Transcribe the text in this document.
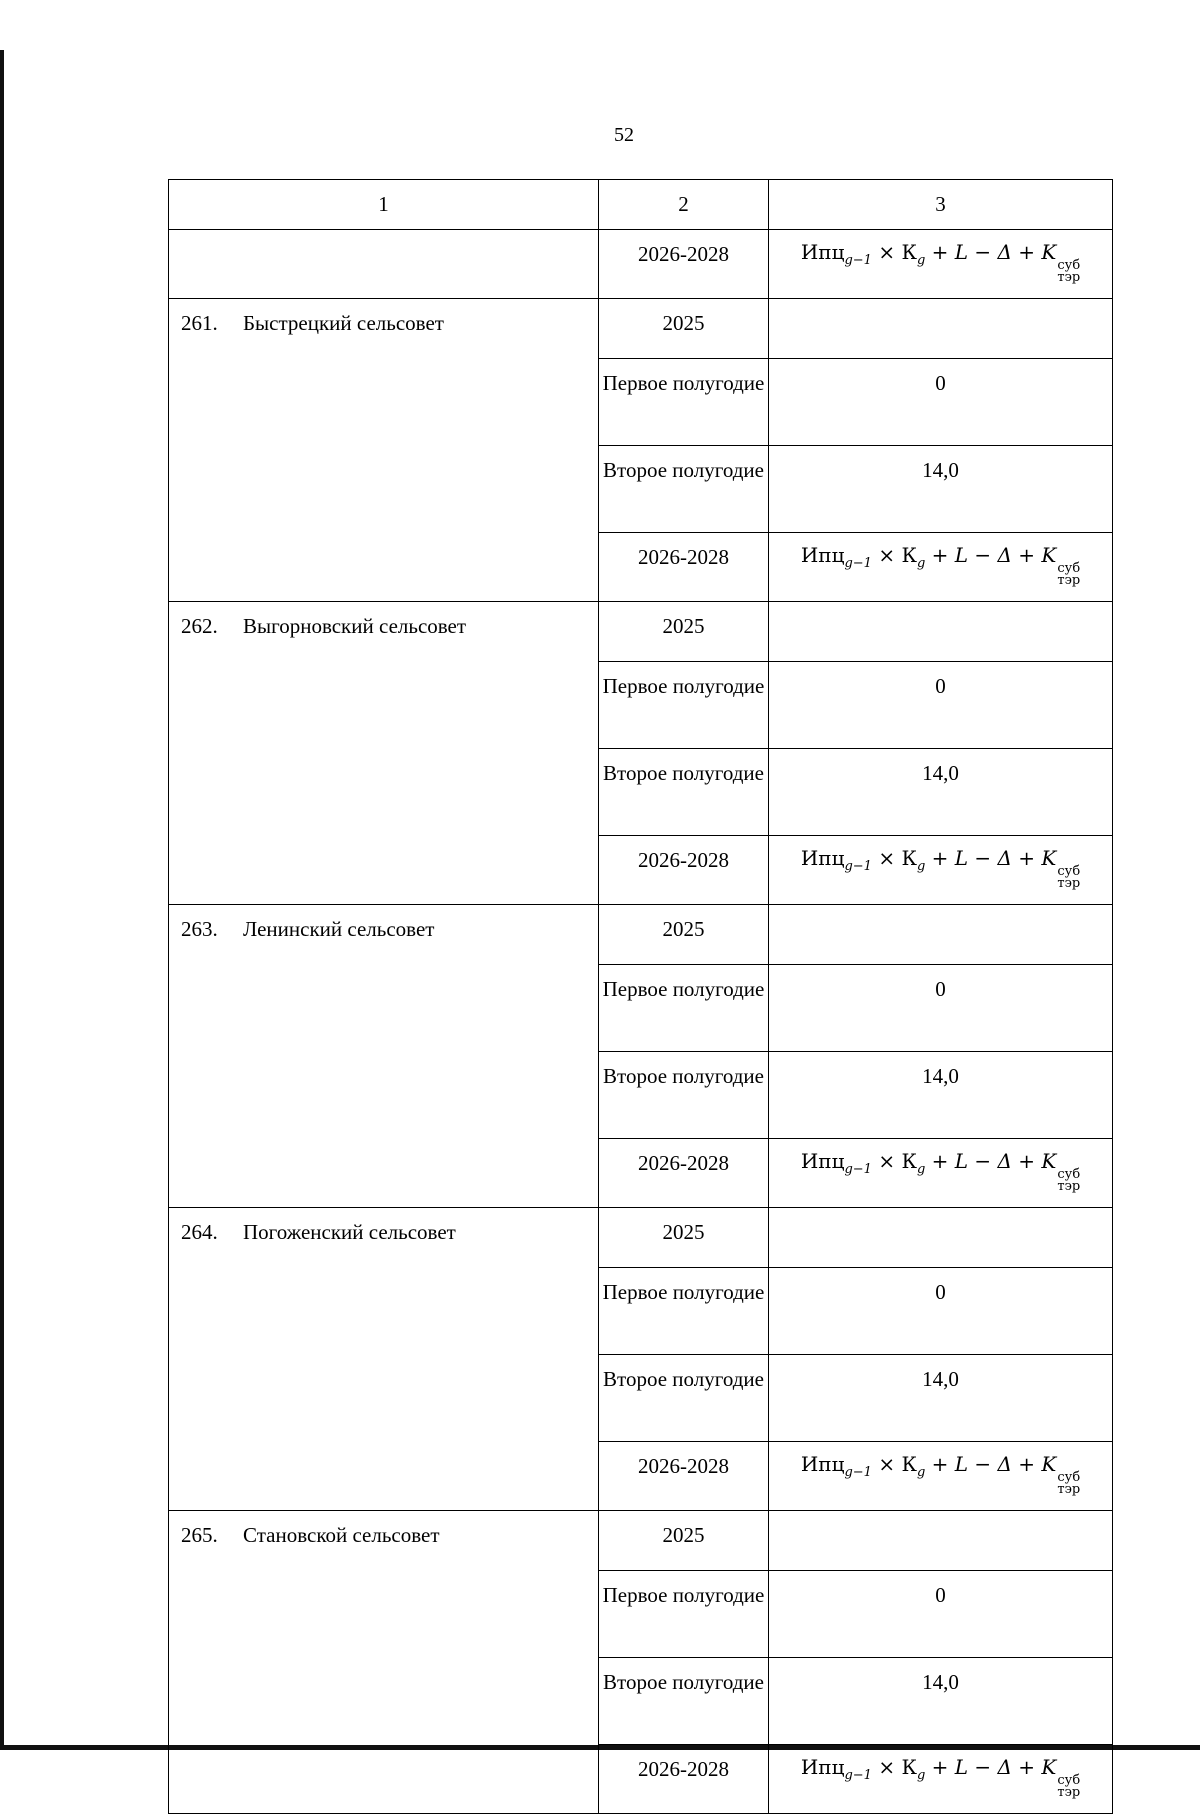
52
1	2	3
	2026-2028	$Ипц_{g-1} \times К_g + L - \Delta + K$
суб
тэр

261. Быстрецкий сельсовет	2025	
	Первое полугодие	0
	Второе полугодие	14,0
	2026-2028	$Ипц_{g-1} \times К_g + L - \Delta + K$
суб
тэр

262. Выгорновский сельсовет	2025	
	Первое полугодие	0
	Второе полугодие	14,0
	2026-2028	$Ипц_{g-1} \times К_g + L - \Delta + K$
суб
тэр

263. Ленинский сельсовет	2025	
	Первое полугодие	0
	Второе полугодие	14,0
	2026-2028	$Ипц_{g-1} \times К_g + L - \Delta + K$
суб
тэр

264. Погоженский сельсовет	2025	
	Первое полугодие	0
	Второе полугодие	14,0
	2026-2028	$Ипц_{g-1} \times К_g + L - \Delta + K$
суб
тэр

265. Становской сельсовет	2025	
	Первое полугодие	0
	Второе полугодие	14,0
	2026-2028	$Ипц_{g-1} \times К_g + L - \Delta + K$
суб
тэр
